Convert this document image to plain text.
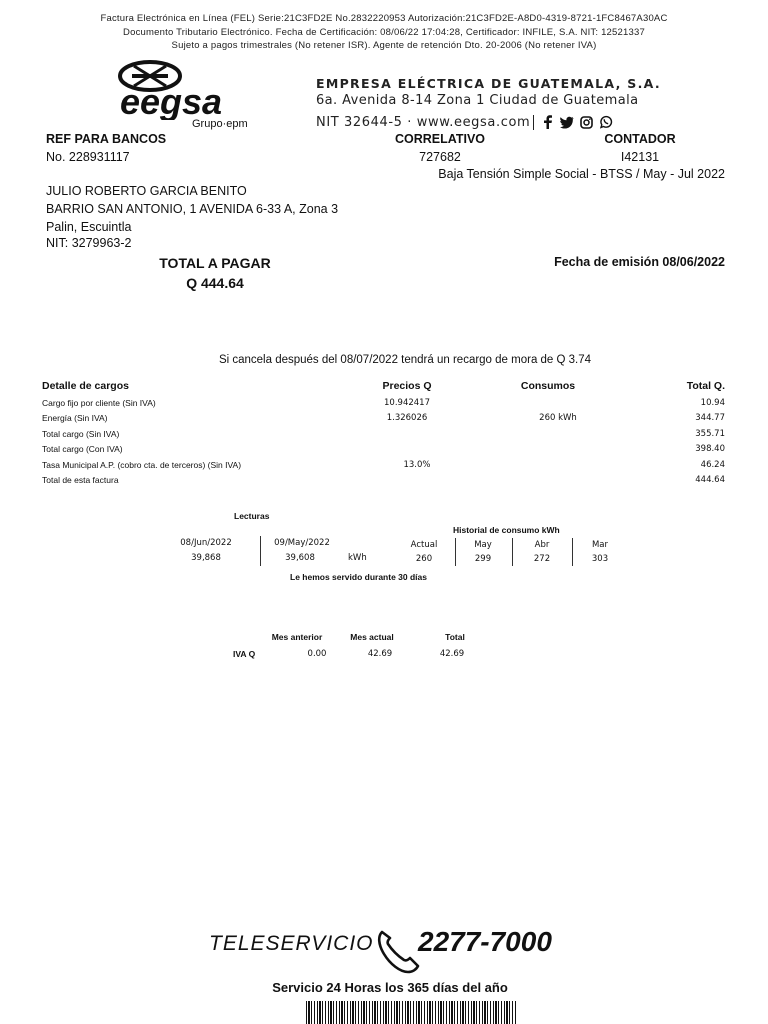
Factura Electrónica en Línea (FEL) Serie:21C3FD2E No.2832220953 Autorización:21C3FD2E-A8D0-4319-8721-1FC8467A30AC
Documento Tributario Electrónico. Fecha de Certificación: 08/06/22 17:04:28, Certificador: INFILE, S.A. NIT: 12521337
Sujeto a pagos trimestrales (No retener ISR). Agente de retención Dto. 20-2006 (No retener IVA)
eegsa
Grupo·epm
EMPRESA ELÉCTRICA DE GUATEMALA, S.A.
6a. Avenida 8-14 Zona 1 Ciudad de Guatemala
NIT 32644-5 · www.eegsa.com
REF PARA BANCOS
No. 228931117
CORRELATIVO
727682
CONTADOR
I42131
Baja Tensión Simple Social - BTSS / May - Jul 2022
JULIO ROBERTO GARCIA BENITO
BARRIO SAN ANTONIO, 1 AVENIDA 6-33 A, Zona 3
Palin, Escuintla
NIT: 3279963-2
TOTAL A PAGAR
Q 444.64
Fecha de emisión 08/06/2022
Si cancela después del 08/07/2022 tendrá un recargo de mora de Q 3.74
Detalle de cargos	Precios Q	Consumos	Total Q.
Cargo fijo por cliente (Sin IVA)	10.942417	10.94
Energía (Sin IVA)	1.326026	260 kWh	344.77
Total cargo (Sin IVA)	355.71
Total cargo (Con IVA)	398.40
Tasa Municipal A.P. (cobro cta. de terceros) (Sin IVA)	13.0%	46.24
Total de esta factura	444.64
Lecturas
08/Jun/2022
39,868
09/May/2022
39,608	kWh
Le hemos servido durante 30 días
Historial de consumo kWh
Actual
260
May
299
Abr
272
Mar
303
Mes anterior	Mes actual	Total
IVA Q	0.00	42.69	42.69
TELESERVICIO 2277-7000
Servicio 24 Horas los 365 días del año
